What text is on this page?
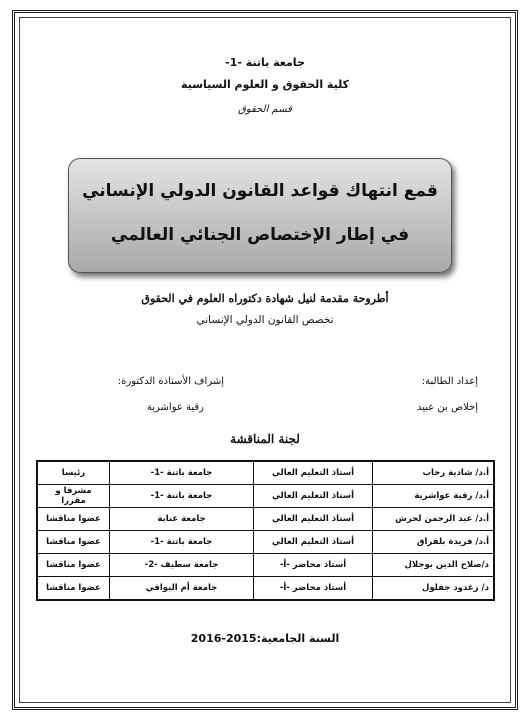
جامعة باتنة -1-
كلية الحقوق و العلوم السياسية
قسم الحقوق
قمع انتهاك قواعد القانون الدولي الإنساني
في إطار الإختصاص الجنائي العالمي
أطروحة مقدمة لنيل شهادة دكتوراه العلوم في الحقوق
تخصص القانون الدولي الإنساني
إعداد الطالبة:
إشراف الأستاذة الدكتورة:
إخلاص بن عبيد
رقية عواشرية
لجنة المناقشة
أ.د/ شادية رحاب	أستاذ التعليم العالي	جامعة باتنة -1-	رئيسا
أ.د/ رقية عواشرية	أستاذ التعليم العالي	جامعة باتنة -1-	مشرفا و مقررا
أ.د/ عبد الرحمن لحرش	أستاذ التعليم العالي	جامعة عنابة	عضوا مناقشا
أ.د/ فريدة بلفراق	أستاذ التعليم العالي	جامعة باتنة -1-	عضوا مناقشا
د/صلاح الدين بوجلال	أستاذ محاضر -أ-	جامعة سطيف -2-	عضوا مناقشا
د/ زغدود جفلول	أستاذ محاضر -أ-	جامعة أم البواقي	عضوا مناقشا
السنة الجامعية:2015-2016
